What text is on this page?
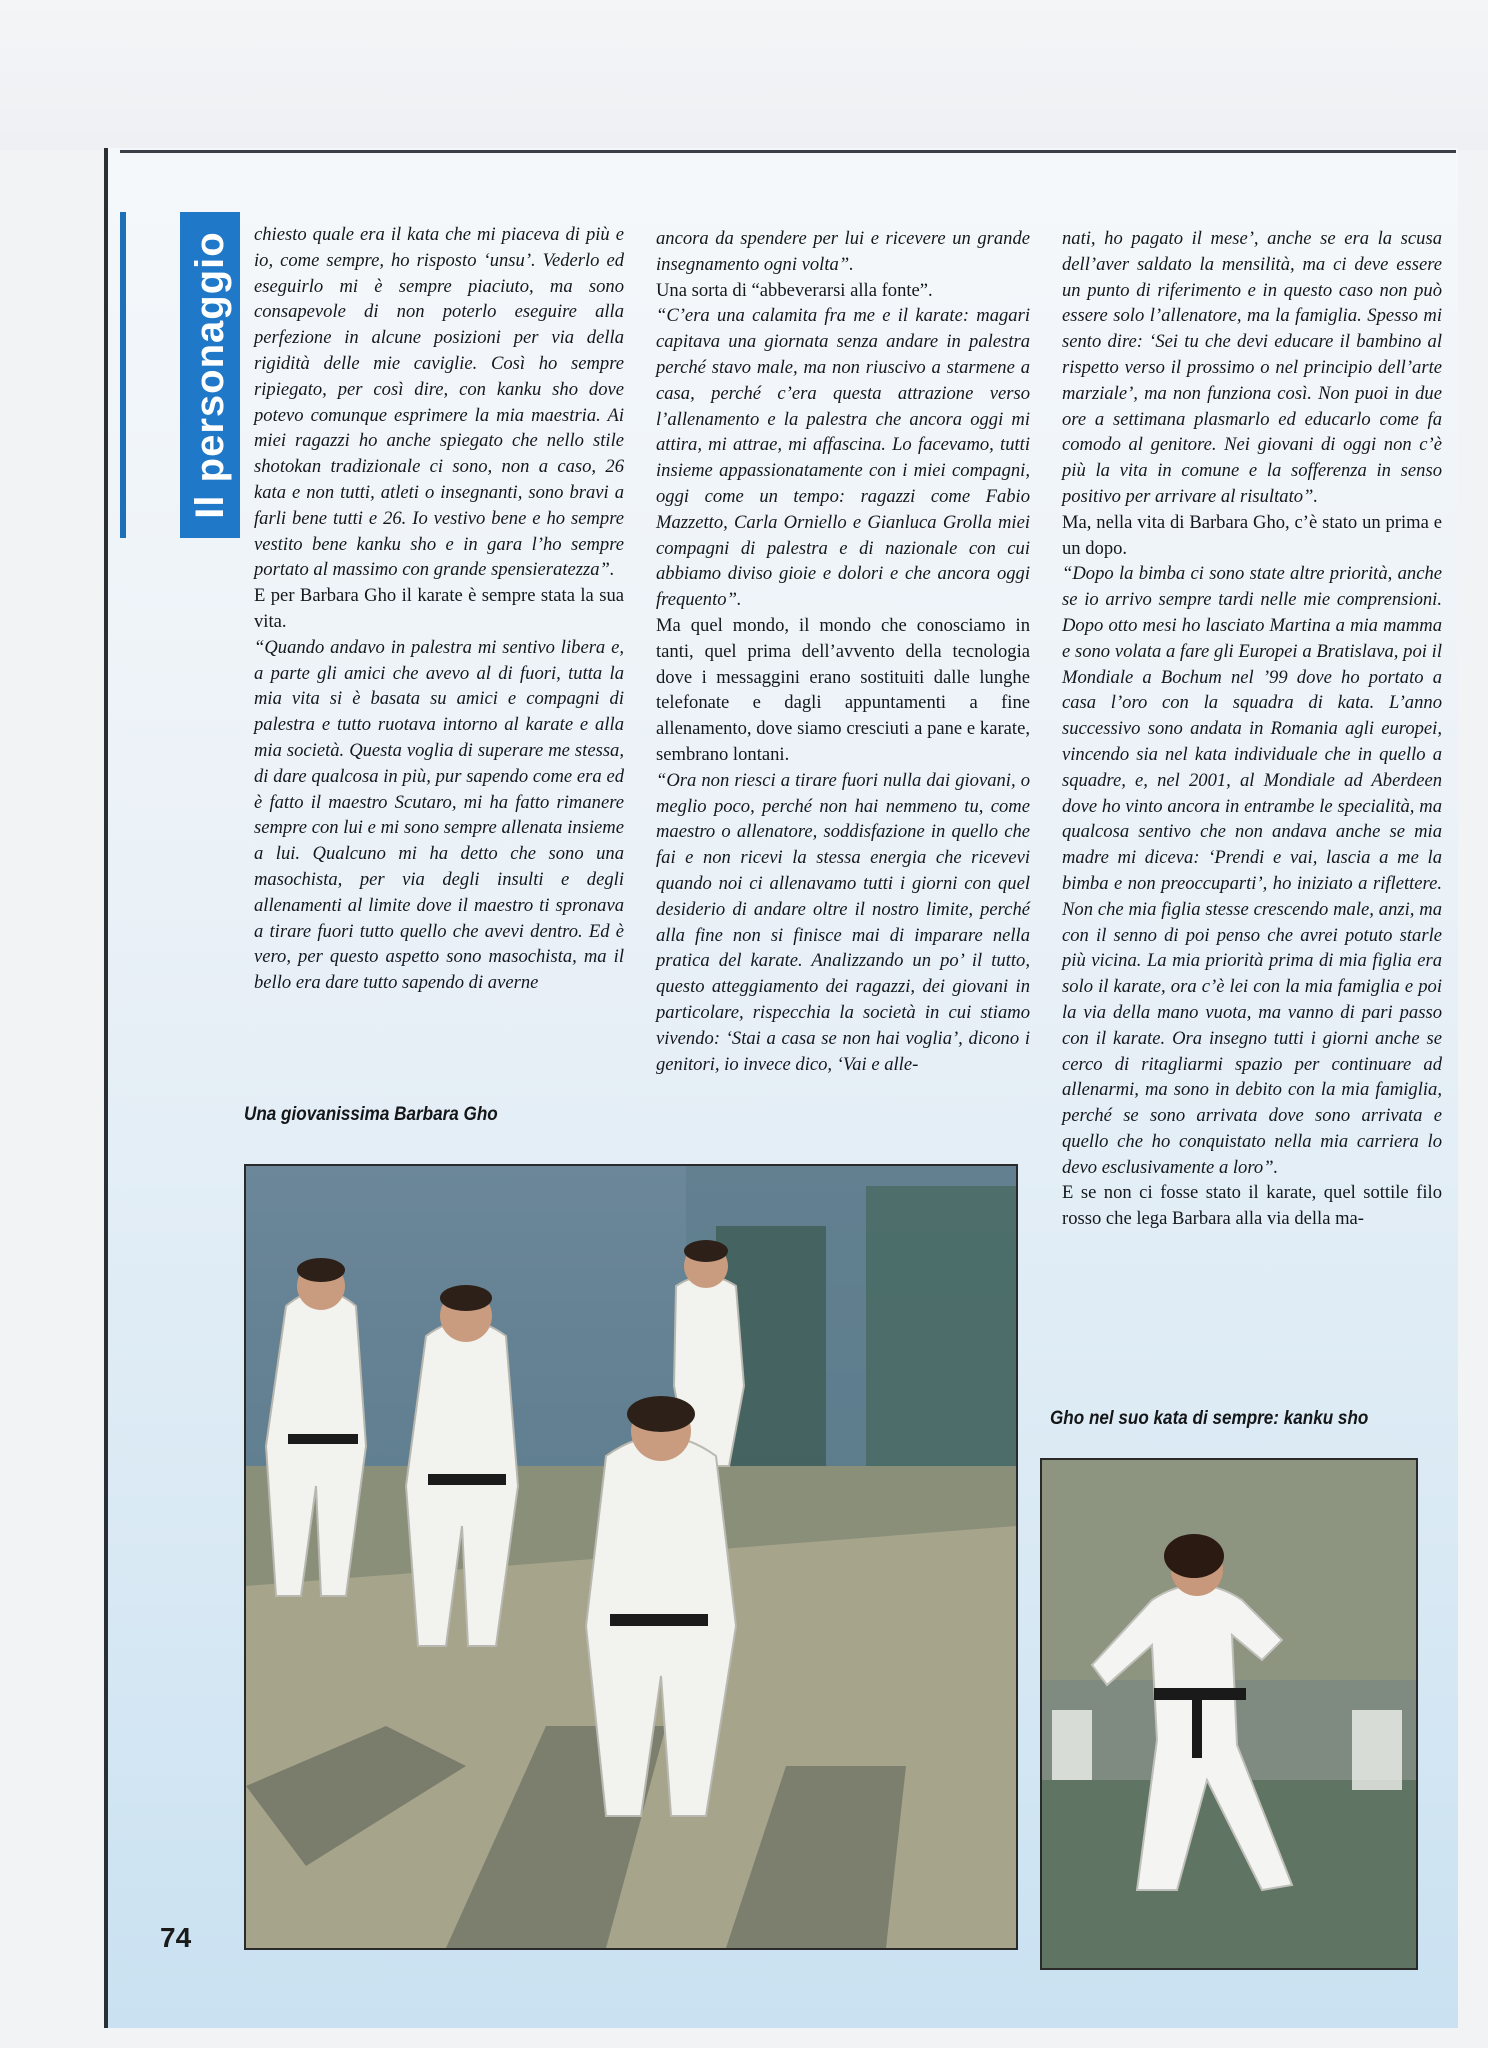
Il personaggio	chiesto quale era il kata che mi piaceva di più e io, come sempre, ho risposto ‘unsu’. Vederlo ed eseguirlo mi è sempre piaciuto, ma sono consapevole di non poterlo eseguire alla perfezione in alcune posizioni per via della rigidità delle mie caviglie. Così ho sempre ripiegato, per così dire, con kanku sho dove potevo comunque esprimere la mia maestria. Ai miei ragazzi ho anche spiegato che nello stile shotokan tradizionale ci sono, non a caso, 26 kata e non tutti, atleti o insegnanti, sono bravi a farli bene tutti e 26. Io vestivo bene e ho sempre vestito bene kanku sho e in gara l’ho sempre portato al massimo con grande spensieratezza”.

E per Barbara Gho il karate è sempre stata la sua vita.

“Quando andavo in palestra mi sentivo libera e, a parte gli amici che avevo al di fuori, tutta la mia vita si è basata su amici e compagni di palestra e tutto ruotava intorno al karate e alla mia società. Questa voglia di superare me stessa, di dare qualcosa in più, pur sapendo come era ed è fatto il maestro Scutaro, mi ha fatto rimanere sempre con lui e mi sono sempre allenata insieme a lui. Qualcuno mi ha detto che sono una masochista, per via degli insulti e degli allenamenti al limite dove il maestro ti spronava a tirare fuori tutto quello che avevi dentro. Ed è vero, per questo aspetto sono masochista, ma il bello era dare tutto sapendo di averne

ancora da spendere per lui e ricevere un grande insegnamento ogni volta”.

Una sorta di “abbeverarsi alla fonte”.

“C’era una calamita fra me e il karate: magari capitava una giornata senza andare in palestra perché stavo male, ma non riuscivo a starmene a casa, perché c’era questa attrazione verso l’allenamento e la palestra che ancora oggi mi attira, mi attrae, mi affascina. Lo facevamo, tutti insieme appassionatamente con i miei compagni, oggi come un tempo: ragazzi come Fabio Mazzetto, Carla Orniello e Gianluca Grolla miei compagni di palestra e di nazionale con cui abbiamo diviso gioie e dolori e che ancora oggi frequento”.

Ma quel mondo, il mondo che conosciamo in tanti, quel prima dell’avvento della tecnologia dove i messaggini erano sostituiti dalle lunghe telefonate e dagli appuntamenti a fine allenamento, dove siamo cresciuti a pane e karate, sembrano lontani.

“Ora non riesci a tirare fuori nulla dai giovani, o meglio poco, perché non hai nemmeno tu, come maestro o allenatore, soddisfazione in quello che fai e non ricevi la stessa energia che ricevevi quando noi ci allenavamo tutti i giorni con quel desiderio di andare oltre il nostro limite, perché alla fine non si finisce mai di imparare nella pratica del karate. Analizzando un po’ il tutto, questo atteggiamento dei ragazzi, dei giovani in particolare, rispecchia la società in cui stiamo vivendo: ‘Stai a casa se non hai voglia’, dicono i genitori, io invece dico, ‘Vai e alle-

nati, ho pagato il mese’, anche se era la scusa dell’aver saldato la mensilità, ma ci deve essere un punto di riferimento e in questo caso non può essere solo l’allenatore, ma la famiglia. Spesso mi sento dire: ‘Sei tu che devi educare il bambino al rispetto verso il prossimo o nel principio dell’arte marziale’, ma non funziona così. Non puoi in due ore a settimana plasmarlo ed educarlo come fa comodo al genitore. Nei giovani di oggi non c’è più la vita in comune e la sofferenza in senso positivo per arrivare al risultato”.

Ma, nella vita di Barbara Gho, c’è stato un prima e un dopo.

“Dopo la bimba ci sono state altre priorità, anche se io arrivo sempre tardi nelle mie comprensioni. Dopo otto mesi ho lasciato Martina a mia mamma e sono volata a fare gli Europei a Bratislava, poi il Mondiale a Bochum nel ’99 dove ho portato a casa l’oro con la squadra di kata. L’anno successivo sono andata in Romania agli europei, vincendo sia nel kata individuale che in quello a squadre, e, nel 2001, al Mondiale ad Aberdeen dove ho vinto ancora in entrambe le specialità, ma qualcosa sentivo che non andava anche se mia madre mi diceva: ‘Prendi e vai, lascia a me la bimba e non preoccuparti’, ho iniziato a riflettere. Non che mia figlia stesse crescendo male, anzi, ma con il senno di poi penso che avrei potuto starle più vicina. La mia priorità prima di mia figlia era solo il karate, ora c’è lei con la mia famiglia e poi la via della mano vuota, ma vanno di pari passo con il karate. Ora insegno tutti i giorni anche se cerco di ritagliarmi spazio per continuare ad allenarmi, ma sono in debito con la mia famiglia, perché se sono arrivata dove sono arrivata e quello che ho conquistato nella mia carriera lo devo esclusivamente a loro”.

E se non ci fosse stato il karate, quel sottile filo rosso che lega Barbara alla via della ma-

Una giovanissima Barbara Gho
Gho nel suo kata di sempre: kanku sho
74
